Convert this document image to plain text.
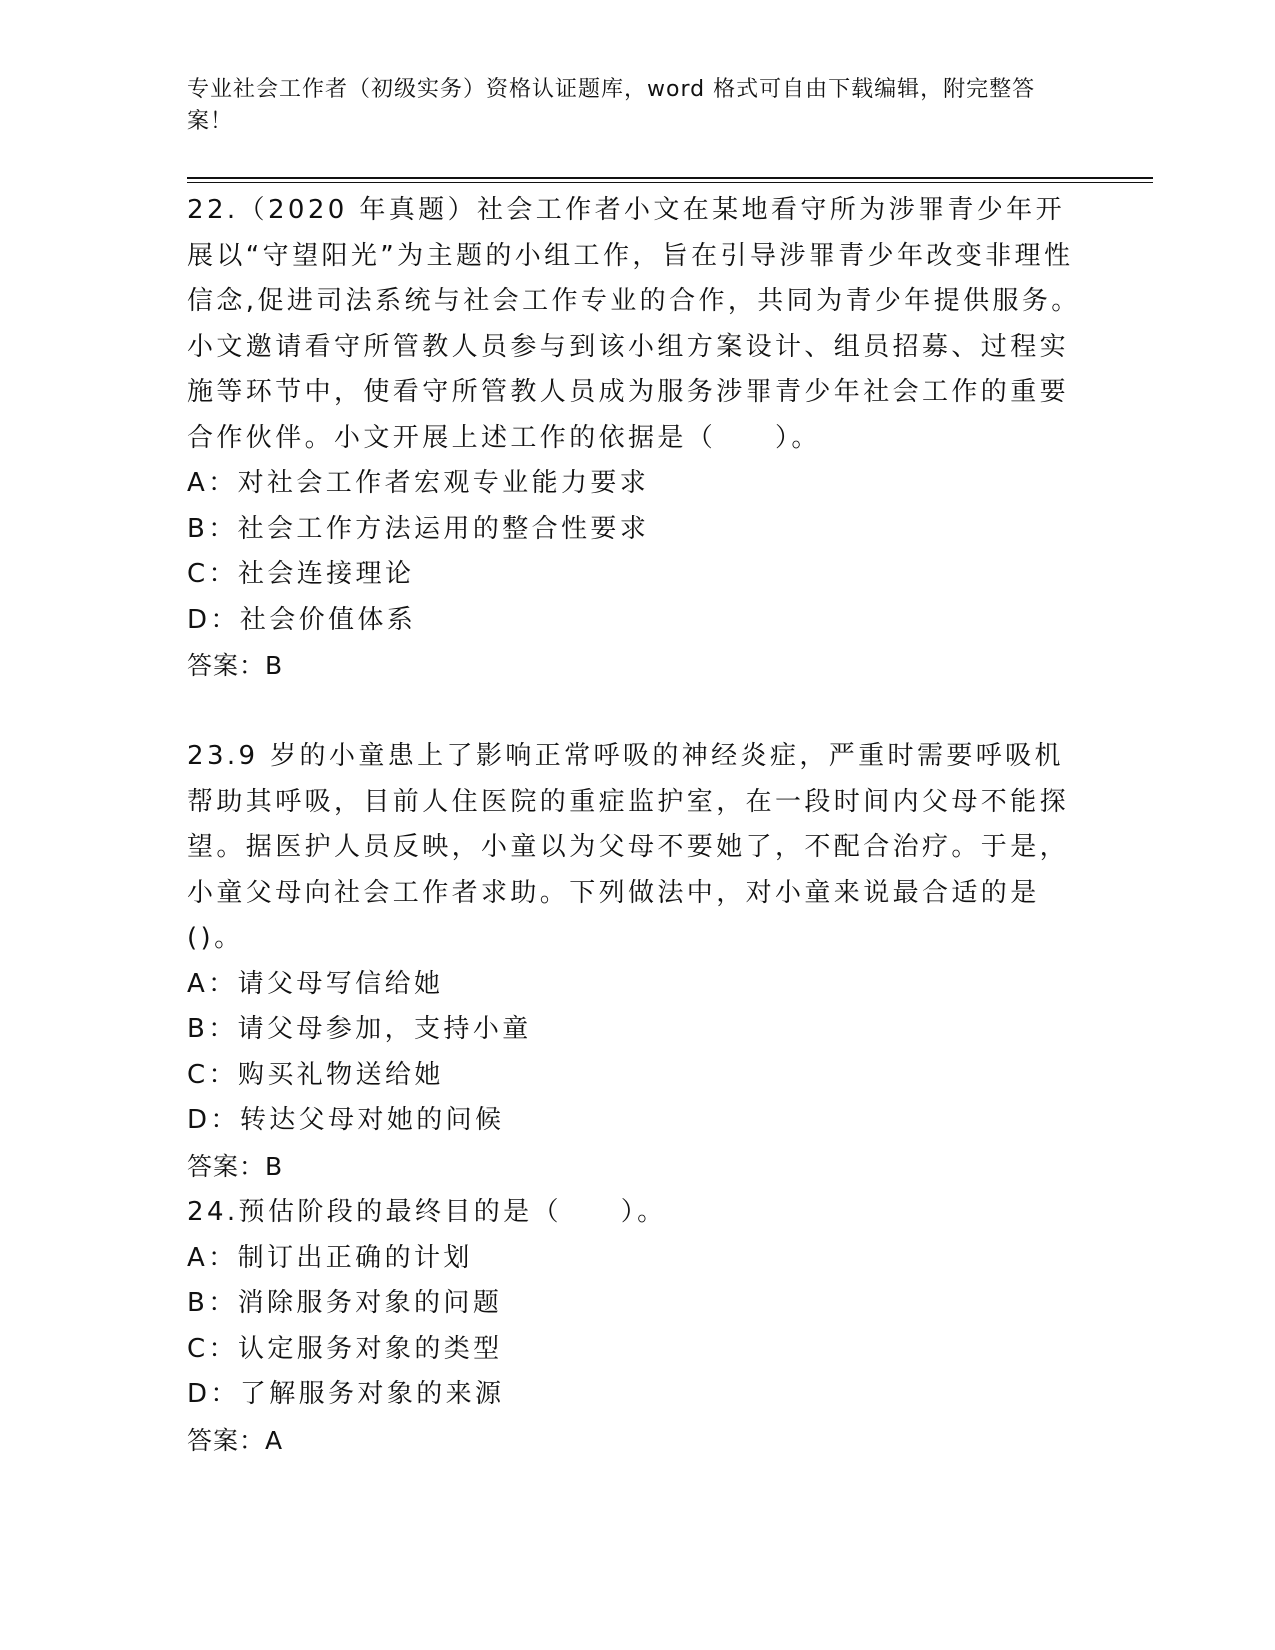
专业社会工作者（初级实务）资格认证题库，word 格式可自由下载编辑，附完整答案！

22.（2020 年真题）社会工作者小文在某地看守所为涉罪青少年开展以“守望阳光”为主题的小组工作，旨在引导涉罪青少年改变非理性信念,促进司法系统与社会工作专业的合作，共同为青少年提供服务。小文邀请看守所管教人员参与到该小组方案设计、组员招募、过程实施等环节中，使看守所管教人员成为服务涉罪青少年社会工作的重要合作伙伴。小文开展上述工作的依据是（　　）。

A：对社会工作者宏观专业能力要求

B：社会工作方法运用的整合性要求

C：社会连接理论

D：社会价值体系

答案：B

23.9 岁的小童患上了影响正常呼吸的神经炎症，严重时需要呼吸机帮助其呼吸，目前人住医院的重症监护室，在一段时间内父母不能探望。据医护人员反映，小童以为父母不要她了，不配合治疗。于是，小童父母向社会工作者求助。下列做法中，对小童来说最合适的是()。

A：请父母写信给她

B：请父母参加，支持小童

C：购买礼物送给她

D：转达父母对她的问候

答案：B

24.预估阶段的最终目的是（　　）。

A：制订出正确的计划

B：消除服务对象的问题

C：认定服务对象的类型

D：了解服务对象的来源

答案：A
